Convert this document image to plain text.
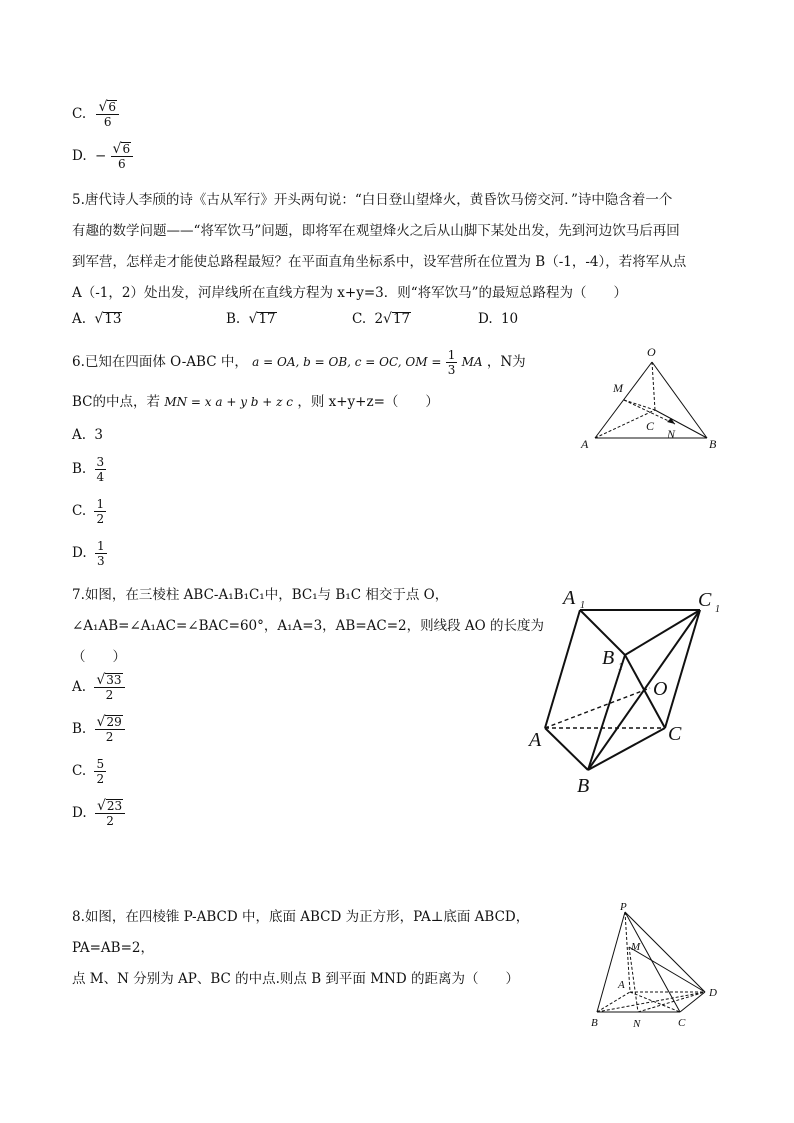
C. $\frac{√ 6}{6}$
D. − $\frac{√ 6}{6}$
5.唐代诗人李颀的诗《古从军行》开头两句说：“白日登山望烽火，黄昏饮马傍交河．”诗中隐含着一个
有趣的数学问题——“将军饮马”问题，即将军在观望烽火之后从山脚下某处出发，先到河边饮马后再回
到军营，怎样走才能使总路程最短？在平面直角坐标系中，设军营所在位置为 B（-1，-4），若将军从点
A（-1，2）处出发，河岸线所在直线方程为 x+y=3．则“将军饮马”的最短总路程为（　　）
A. √ 13	B. √ 17	C. 2 √ 17	D. 10
6.已知在四面体 O-ABC 中， a = OA, b = OB, c = OC, OM = $\frac{1}{3}$ MA ，N为
BC的中点，若 MN = x a + y b + z c ，则 x+y+z=（　　）
A. 3
B. $\frac{3}{4}$
C. $\frac{1}{2}$
D. $\frac{1}{3}$
O
M
C
N
A	B
7.如图，在三棱柱 ABC-A₁B₁C₁中，BC₁与 B₁C 相交于点 O，
∠A₁AB=∠A₁AC=∠BAC=60°，A₁A=3，AB=AC=2，则线段 AO 的长度为
（　　）
A. $\frac{√ 33}{2}$
B. $\frac{√ 29}{2}$
C. $\frac{5}{2}$
D. $\frac{√ 23}{2}$
A 1	C 1
B 1
O
A	C
B
8.如图，在四棱锥 P-ABCD 中，底面 ABCD 为正方形，PA⊥底面 ABCD，
PA=AB=2，
点 M、N 分别为 AP、BC 的中点.则点 B 到平面 MND 的距离为（　　）
P
M
A
D
B	N	C
